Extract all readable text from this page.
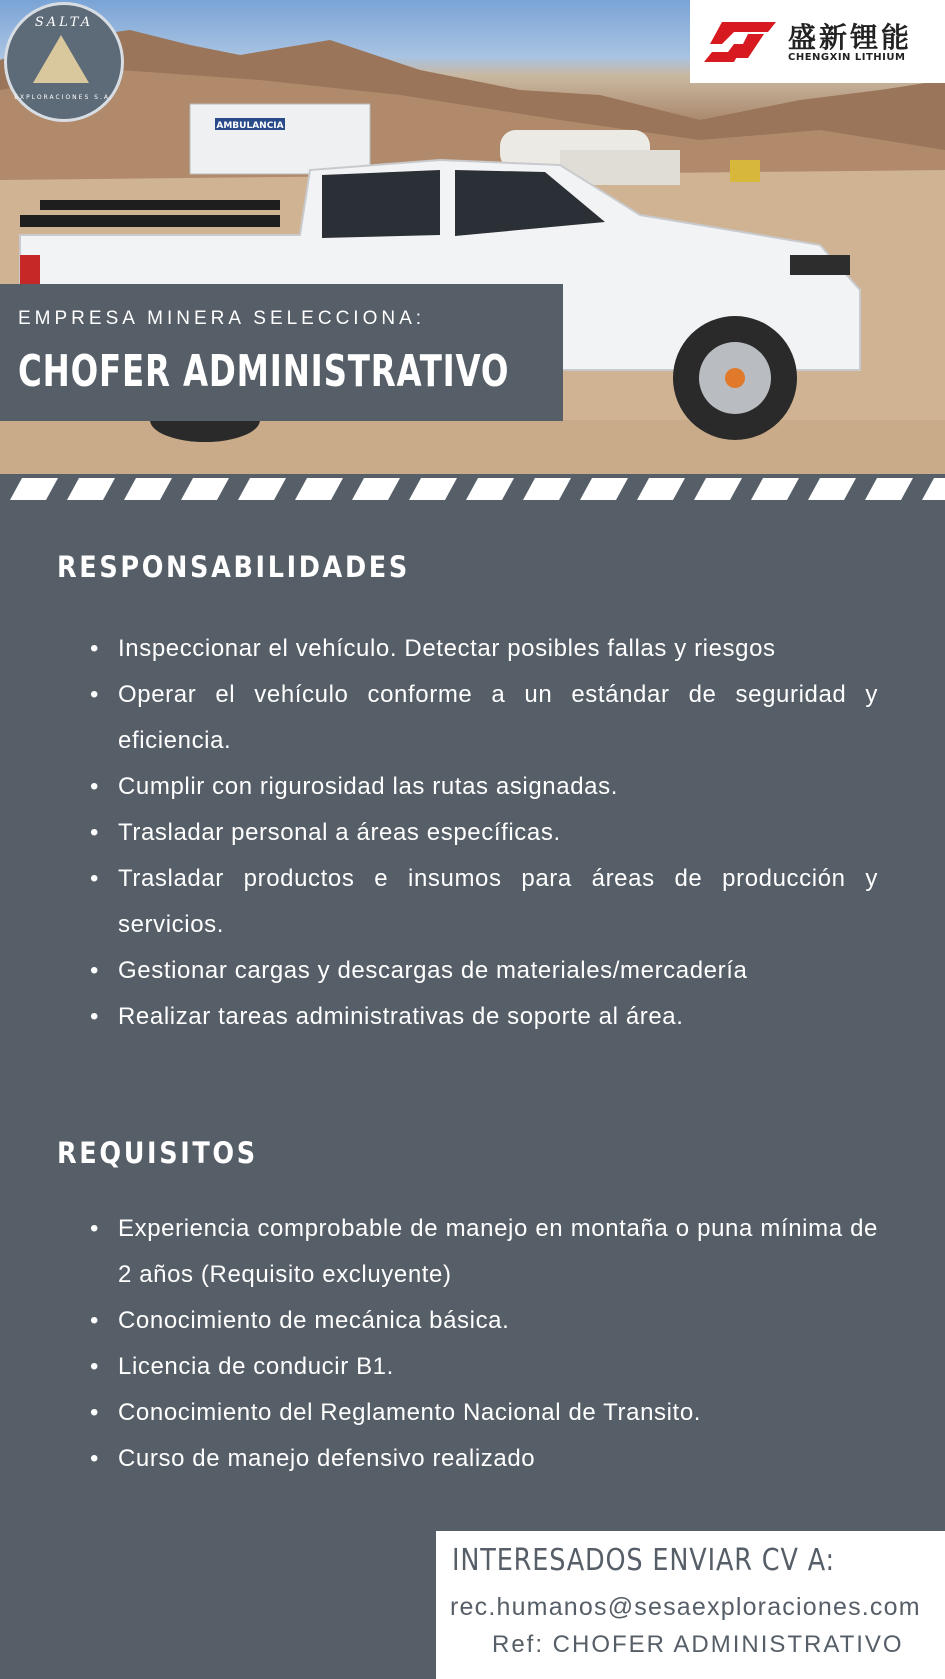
AMBULANCIA
SALTA
EXPLORACIONES S.A.
盛新锂能
CHENGXIN LITHIUM
EMPRESA MINERA SELECCIONA:
CHOFER ADMINISTRATIVO
RESPONSABILIDADES
• Inspeccionar el vehículo. Detectar posibles fallas y riesgos
• Operar el vehículo conforme a un estándar de seguridad y eficiencia.
• Cumplir con rigurosidad las rutas asignadas.
• Trasladar personal a áreas específicas.
• Trasladar productos e insumos para áreas de producción y servicios.
• Gestionar cargas y descargas de materiales/mercadería
• Realizar tareas administrativas de soporte al área.
REQUISITOS
• Experiencia comprobable de manejo en montaña o puna mínima de 2 años (Requisito excluyente)
• Conocimiento de mecánica básica.
• Licencia de conducir B1.
• Conocimiento del Reglamento Nacional de Transito.
• Curso de manejo defensivo realizado
INTERESADOS ENVIAR CV A:
rec.humanos@sesaexploraciones.com
Ref: CHOFER ADMINISTRATIVO
